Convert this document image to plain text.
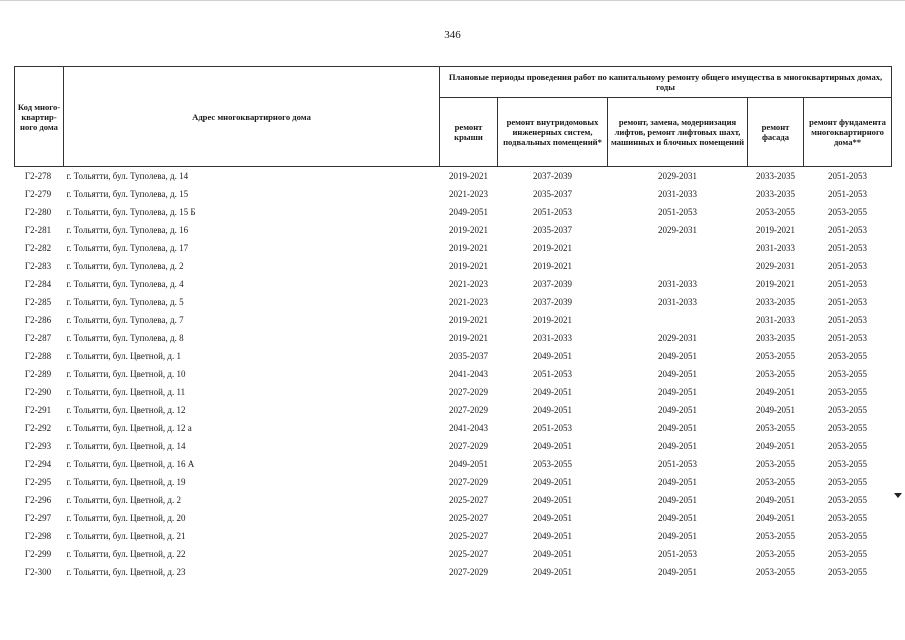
346
Код много-квартир-ного дома	Адрес многоквартирного дома	Плановые периоды проведения работ по капитальному ремонту общего имущества в многоквартирных домах, годы				
		ремонт крыши	ремонт внутридомовых инженерных систем, подвальных помещений*	ремонт, замена, модернизация лифтов, ремонт лифтовых шахт, машинных и блочных помещений	ремонт фасада	ремонт фундамента многоквартирного дома**
Г2-278	г. Тольятти, бул. Туполева, д. 14	2019-2021	2037-2039	2029-2031	2033-2035	2051-2053
Г2-279	г. Тольятти, бул. Туполева, д. 15	2021-2023	2035-2037	2031-2033	2033-2035	2051-2053
Г2-280	г. Тольятти, бул. Туполева, д. 15 Б	2049-2051	2051-2053	2051-2053	2053-2055	2053-2055
Г2-281	г. Тольятти, бул. Туполева, д. 16	2019-2021	2035-2037	2029-2031	2019-2021	2051-2053
Г2-282	г. Тольятти, бул. Туполева, д. 17	2019-2021	2019-2021		2031-2033	2051-2053
Г2-283	г. Тольятти, бул. Туполева, д. 2	2019-2021	2019-2021		2029-2031	2051-2053
Г2-284	г. Тольятти, бул. Туполева, д. 4	2021-2023	2037-2039	2031-2033	2019-2021	2051-2053
Г2-285	г. Тольятти, бул. Туполева, д. 5	2021-2023	2037-2039	2031-2033	2033-2035	2051-2053
Г2-286	г. Тольятти, бул. Туполева, д. 7	2019-2021	2019-2021		2031-2033	2051-2053
Г2-287	г. Тольятти, бул. Туполева, д. 8	2019-2021	2031-2033	2029-2031	2033-2035	2051-2053
Г2-288	г. Тольятти, бул. Цветной, д. 1	2035-2037	2049-2051	2049-2051	2053-2055	2053-2055
Г2-289	г. Тольятти, бул. Цветной, д. 10	2041-2043	2051-2053	2049-2051	2053-2055	2053-2055
Г2-290	г. Тольятти, бул. Цветной, д. 11	2027-2029	2049-2051	2049-2051	2049-2051	2053-2055
Г2-291	г. Тольятти, бул. Цветной, д. 12	2027-2029	2049-2051	2049-2051	2049-2051	2053-2055
Г2-292	г. Тольятти, бул. Цветной, д. 12 а	2041-2043	2051-2053	2049-2051	2053-2055	2053-2055
Г2-293	г. Тольятти, бул. Цветной, д. 14	2027-2029	2049-2051	2049-2051	2049-2051	2053-2055
Г2-294	г. Тольятти, бул. Цветной, д. 16 А	2049-2051	2053-2055	2051-2053	2053-2055	2053-2055
Г2-295	г. Тольятти, бул. Цветной, д. 19	2027-2029	2049-2051	2049-2051	2053-2055	2053-2055
Г2-296	г. Тольятти, бул. Цветной, д. 2	2025-2027	2049-2051	2049-2051	2049-2051	2053-2055
Г2-297	г. Тольятти, бул. Цветной, д. 20	2025-2027	2049-2051	2049-2051	2049-2051	2053-2055
Г2-298	г. Тольятти, бул. Цветной, д. 21	2025-2027	2049-2051	2049-2051	2053-2055	2053-2055
Г2-299	г. Тольятти, бул. Цветной, д. 22	2025-2027	2049-2051	2051-2053	2053-2055	2053-2055
Г2-300	г. Тольятти, бул. Цветной, д. 23	2027-2029	2049-2051	2049-2051	2053-2055	2053-2055
